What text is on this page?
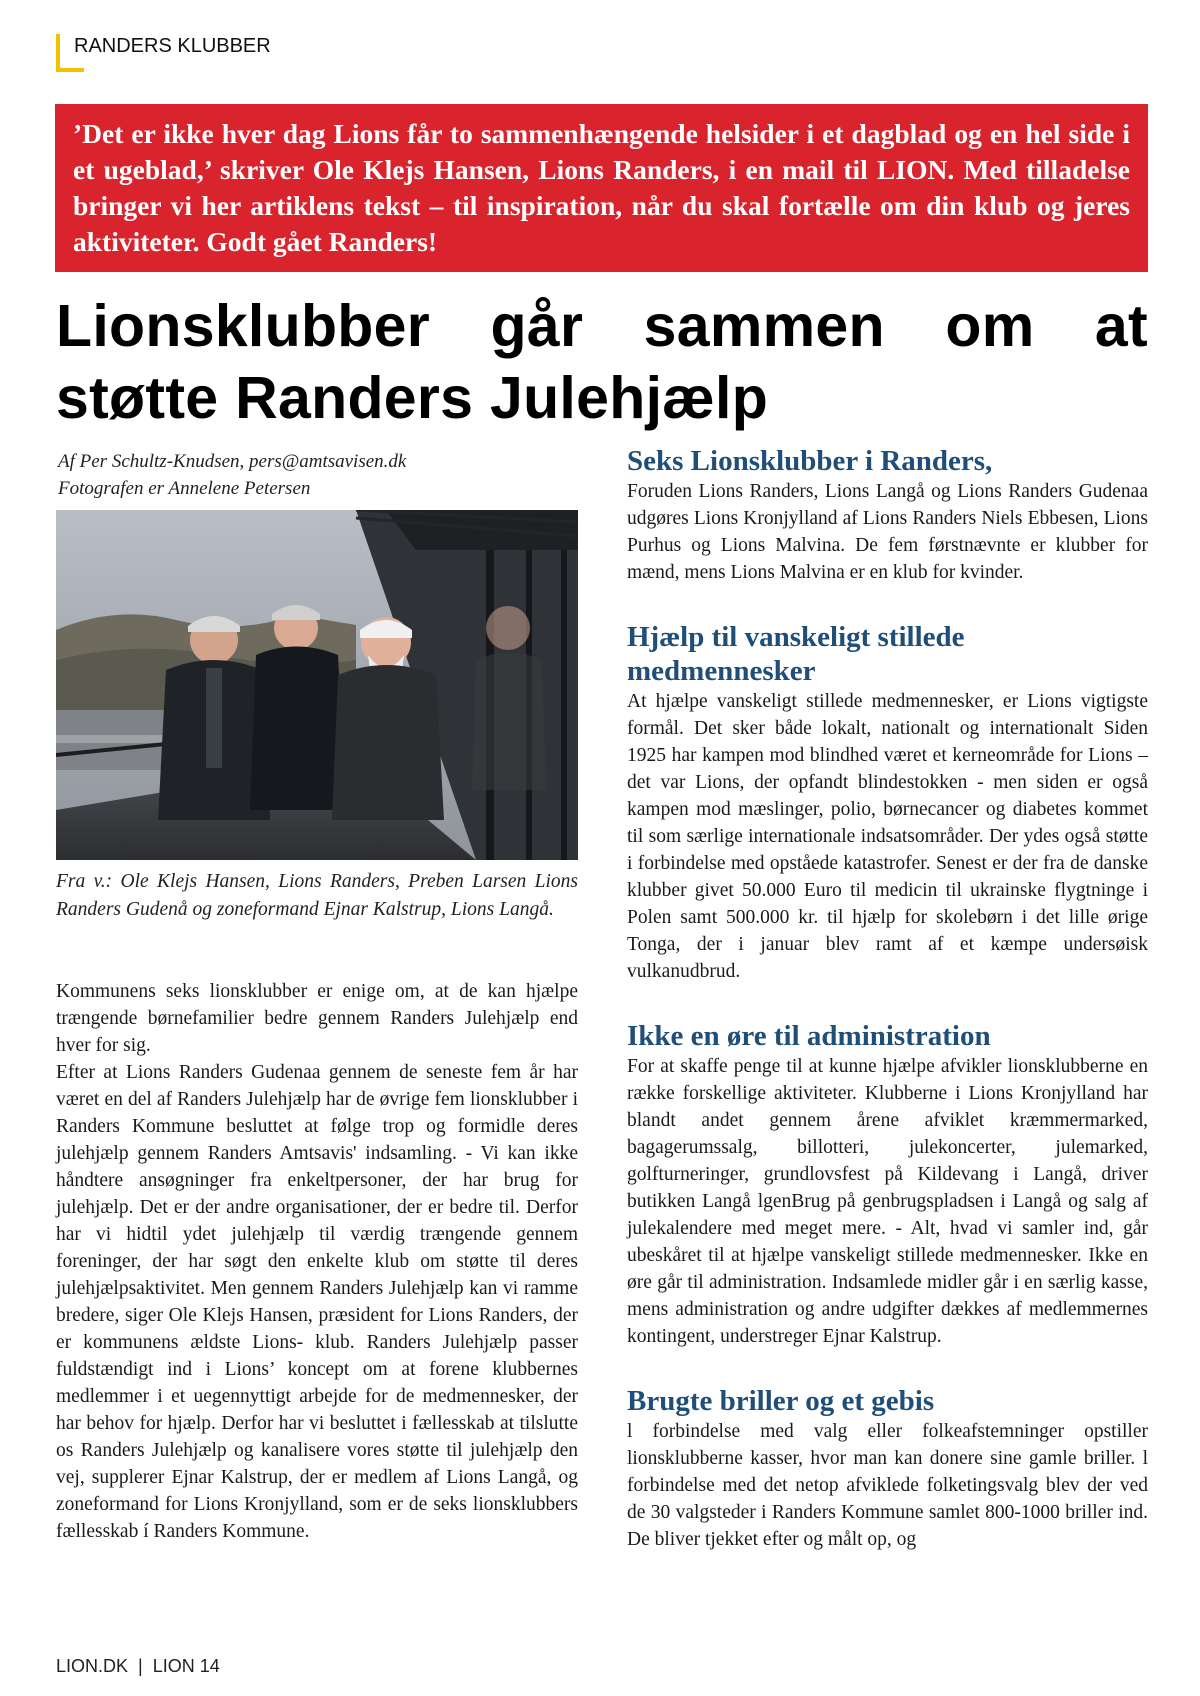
RANDERS KLUBBER
’Det er ikke hver dag Lions får to sammenhængende helsider i et dagblad og en hel side i et ugeblad,’ skriver Ole Klejs Hansen, Lions Randers, i en mail til LION. Med tilladelse bringer vi her artiklens tekst – til inspiration, når du skal fortælle om din klub og jeres aktiviteter. Godt gået Randers!
Lionsklubber går sammen om at støtte Randers Julehjælp
Af Per Schultz-Knudsen, pers@amtsavisen.dk
Fotografen er Annelene Petersen
Fra v.: Ole Klejs Hansen, Lions Randers, Preben Larsen Lions Randers Gudenå og zoneformand Ejnar Kalstrup, Lions Langå.

Kommunens seks lionsklubber er enige om, at de kan hjælpe trængende børnefamilier bedre gennem Randers Julehjælp end hver for sig.

Efter at Lions Randers Gudenaa gennem de seneste fem år har været en del af Randers Julehjælp har de øvrige fem lionsklubber i Randers Kommune besluttet at følge trop og formidle deres julehjælp gennem Randers Amtsavis' indsamling. - Vi kan ikke håndtere ansøgninger fra enkeltpersoner, der har brug for julehjælp. Det er der andre organisationer, der er bedre til. Derfor har vi hidtil ydet julehjælp til værdig trængende gennem foreninger, der har søgt den enkelte klub om støtte til deres julehjælpsaktivitet. Men gennem Randers Julehjælp kan vi ramme bredere, siger Ole Klejs Hansen, præsident for Lions Randers, der er kommunens ældste Lions- klub. Randers Julehjælp passer fuldstændigt ind i Lions’ koncept om at forene klubbernes medlemmer i et uegennyttigt arbejde for de medmennesker, der har behov for hjælp. Derfor har vi besluttet i fællesskab at tilslutte os Randers Julehjælp og kanalisere vores støtte til julehjælp den vej, supplerer Ejnar Kalstrup, der er medlem af Lions Langå, og zoneformand for Lions Kronjylland, som er de seks lionsklubbers fællesskab í Randers Kommune.

Seks Lionsklubber i Randers,

Foruden Lions Randers, Lions Langå og Lions Randers Gudenaa udgøres Lions Kronjylland af Lions Randers Niels Ebbesen, Lions Purhus og Lions Malvina. De fem førstnævnte er klubber for mænd, mens Lions Malvina er en klub for kvinder.

Hjælp til vanskeligt stillede medmennesker

At hjælpe vanskeligt stillede medmennesker, er Lions vigtigste formål. Det sker både lokalt, nationalt og internationalt Siden 1925 har kampen mod blindhed været et kerneområde for Lions – det var Lions, der opfandt blindestokken - men siden er også kampen mod mæslinger, polio, børnecancer og diabetes kommet til som særlige internationale indsatsområder. Der ydes også støtte i forbindelse med opståede katastrofer. Senest er der fra de danske klubber givet 50.000 Euro til medicin til ukrainske flygtninge i Polen samt 500.000 kr. til hjælp for skolebørn i det lille ørige Tonga, der i januar blev ramt af et kæmpe undersøisk vulkanudbrud.

Ikke en øre til administration

For at skaffe penge til at kunne hjælpe afvikler lionsklubberne en række forskellige aktiviteter. Klubberne i Lions Kronjylland har blandt andet gennem årene afviklet kræmmermarked, bagagerumssalg, billotteri, julekoncerter, julemarked, golfturneringer, grundlovsfest på Kildevang i Langå, driver butikken Langå lgenBrug på genbrugspladsen i Langå og salg af julekalendere med meget mere. - Alt, hvad vi samler ind, går ubeskåret til at hjælpe vanskeligt stillede medmennesker. Ikke en øre går til administration. Indsamlede midler går i en særlig kasse, mens administration og andre udgifter dækkes af medlemmernes kontingent, understreger Ejnar Kalstrup.

Brugte briller og et gebis

l forbindelse med valg eller folkeafstemninger opstiller lionsklubberne kasser, hvor man kan donere sine gamle briller. l forbindelse med det netop afviklede folketingsvalg blev der ved de 30 valgsteder i Randers Kommune samlet 800-1000 briller ind. De bliver tjekket efter og målt op, og

LION.DK | LION 14
